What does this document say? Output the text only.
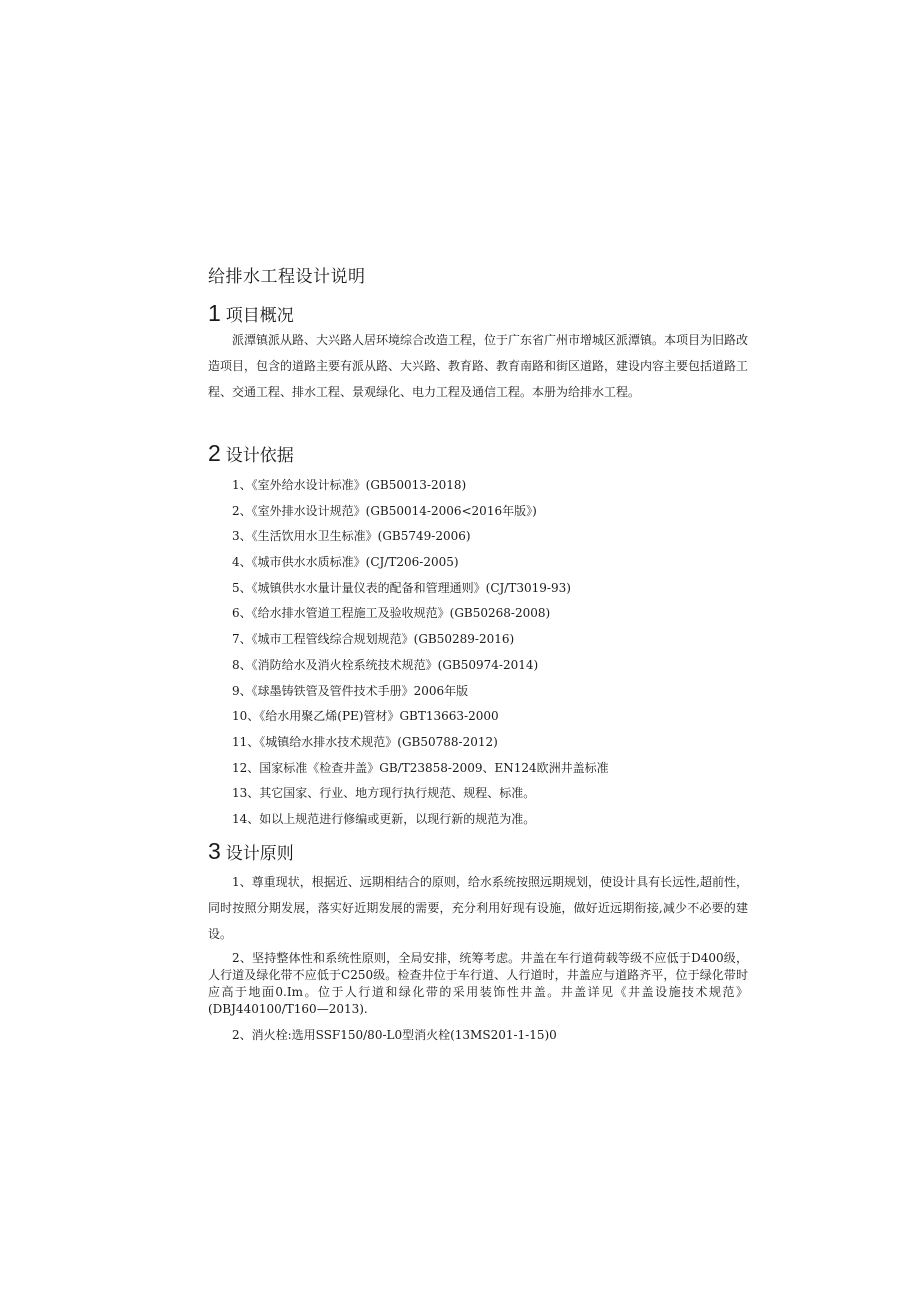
给排水工程设计说明
1 项目概况

派潭镇派从路、大兴路人居环境综合改造工程，位于广东省广州市增城区派潭镇。本项目为旧路改造项目，包含的道路主要有派从路、大兴路、教育路、教育南路和街区道路，建设内容主要包括道路工程、交通工程、排水工程、景观绿化、电力工程及通信工程。本册为给排水工程。

2 设计依据
1、《室外给水设计标准》(GB50013-2018)
2、《室外排水设计规范》(GB50014-2006<2016年版》)
3、《生活饮用水卫生标准》(GB5749-2006)
4、《城市供水水质标准》(CJ/T206-2005)
5、《城镇供水水量计量仪表的配备和管理通则》(CJ/T3019-93)
6、《给水排水管道工程施工及验收规范》(GB50268-2008)
7、《城市工程管线综合规划规范》(GB50289-2016)
8、《消防给水及消火栓系统技术规范》(GB50974-2014)
9、《球墨铸铁管及管件技术手册》2006年版
10、《给水用聚乙烯(PE)管材》GBT13663-2000
11、《城镇给水排水技术规范》(GB50788-2012)
12、国家标准《检查井盖》GB/T23858-2009、EN124欧洲井盖标准
13、其它国家、行业、地方现行执行规范、规程、标准。
14、如以上规范进行修编或更新，以现行新的规范为准。
3 设计原则

1、尊重现状，根据近、远期相结合的原则，给水系统按照远期规划，使设计具有长远性,超前性，同时按照分期发展，落实好近期发展的需要，充分利用好现有设施，做好近远期衔接,减少不必要的建设。

2、坚持整体性和系统性原则，全局安排，统筹考虑。井盖在车行道荷载等级不应低于D400级，人行道及绿化带不应低于C250级。检查井位于车行道、人行道时，井盖应与道路齐平，位于绿化带时应高于地面0.Im。位于人行道和绿化带的采用装饰性井盖。井盖详见《井盖设施技术规范》(DBJ440100/T160—2013).

2、消火栓:选用SSF150/80-L0型消火栓(13MS201-1-15)0
